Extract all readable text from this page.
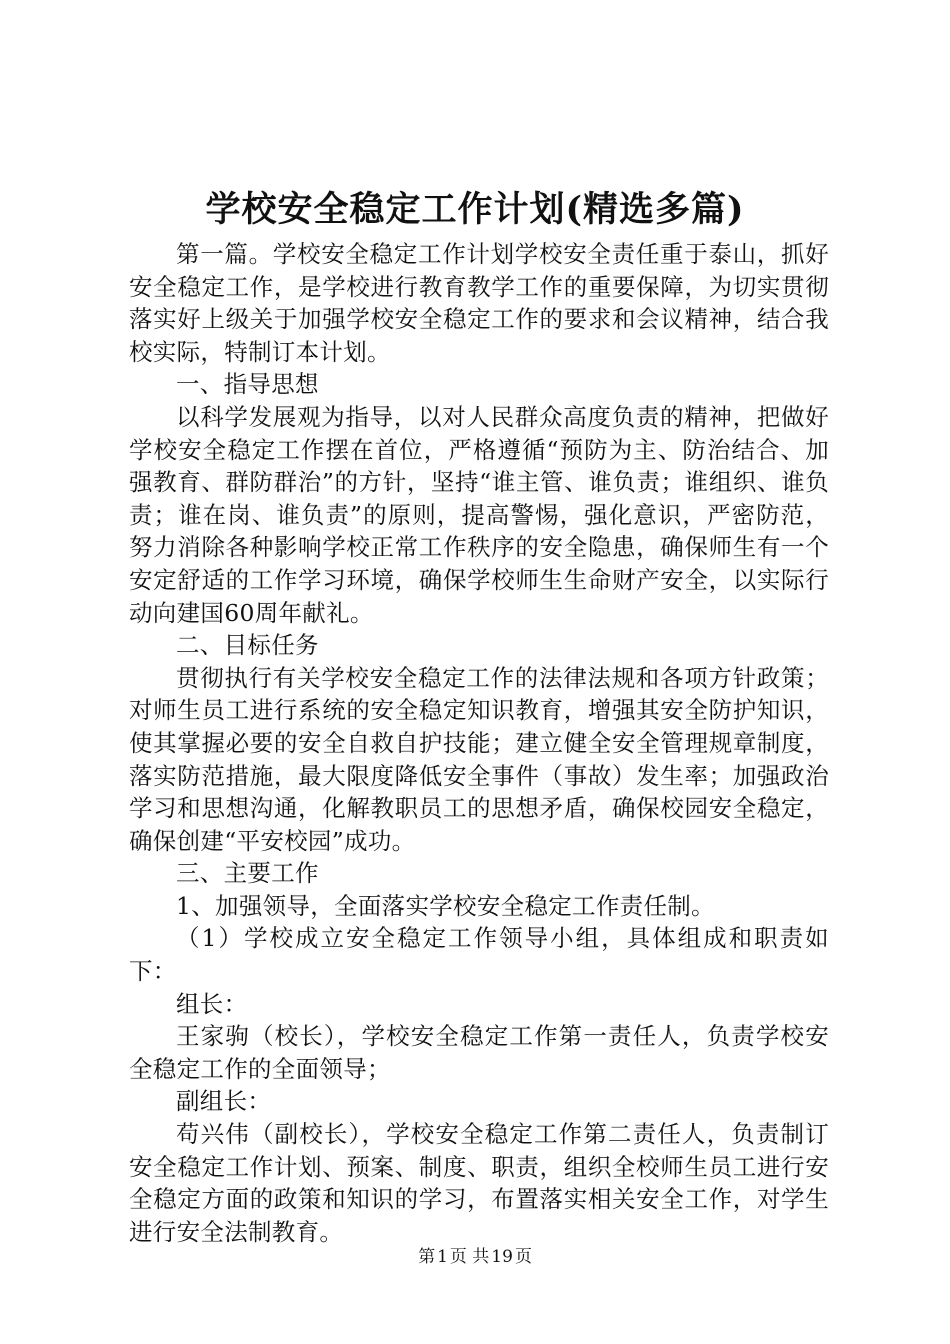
学校安全稳定工作计划(精选多篇)

第一篇。学校安全稳定工作计划学校安全责任重于泰山，抓好安全稳定工作，是学校进行教育教学工作的重要保障，为切实贯彻落实好上级关于加强学校安全稳定工作的要求和会议精神，结合我校实际，特制订本计划。

一、指导思想

以科学发展观为指导，以对人民群众高度负责的精神，把做好学校安全稳定工作摆在首位，严格遵循“预防为主、防治结合、加强教育、群防群治”的方针，坚持“谁主管、谁负责；谁组织、谁负责；谁在岗、谁负责”的原则，提高警惕，强化意识，严密防范，努力消除各种影响学校正常工作秩序的安全隐患，确保师生有一个安定舒适的工作学习环境，确保学校师生生命财产安全，以实际行动向建国60周年献礼。

二、目标任务

贯彻执行有关学校安全稳定工作的法律法规和各项方针政策；对师生员工进行系统的安全稳定知识教育，增强其安全防护知识，使其掌握必要的安全自救自护技能；建立健全安全管理规章制度，落实防范措施，最大限度降低安全事件（事故）发生率；加强政治学习和思想沟通，化解教职员工的思想矛盾，确保校园安全稳定，确保创建“平安校园”成功。

三、主要工作

1、加强领导，全面落实学校安全稳定工作责任制。

（1）学校成立安全稳定工作领导小组，具体组成和职责如下：

组长：

王家驹（校长），学校安全稳定工作第一责任人，负责学校安全稳定工作的全面领导；

副组长：

苟兴伟（副校长），学校安全稳定工作第二责任人，负责制订安全稳定工作计划、预案、制度、职责，组织全校师生员工进行安全稳定方面的政策和知识的学习，布置落实相关安全工作，对学生进行安全法制教育。

第 1 页 共 19 页
